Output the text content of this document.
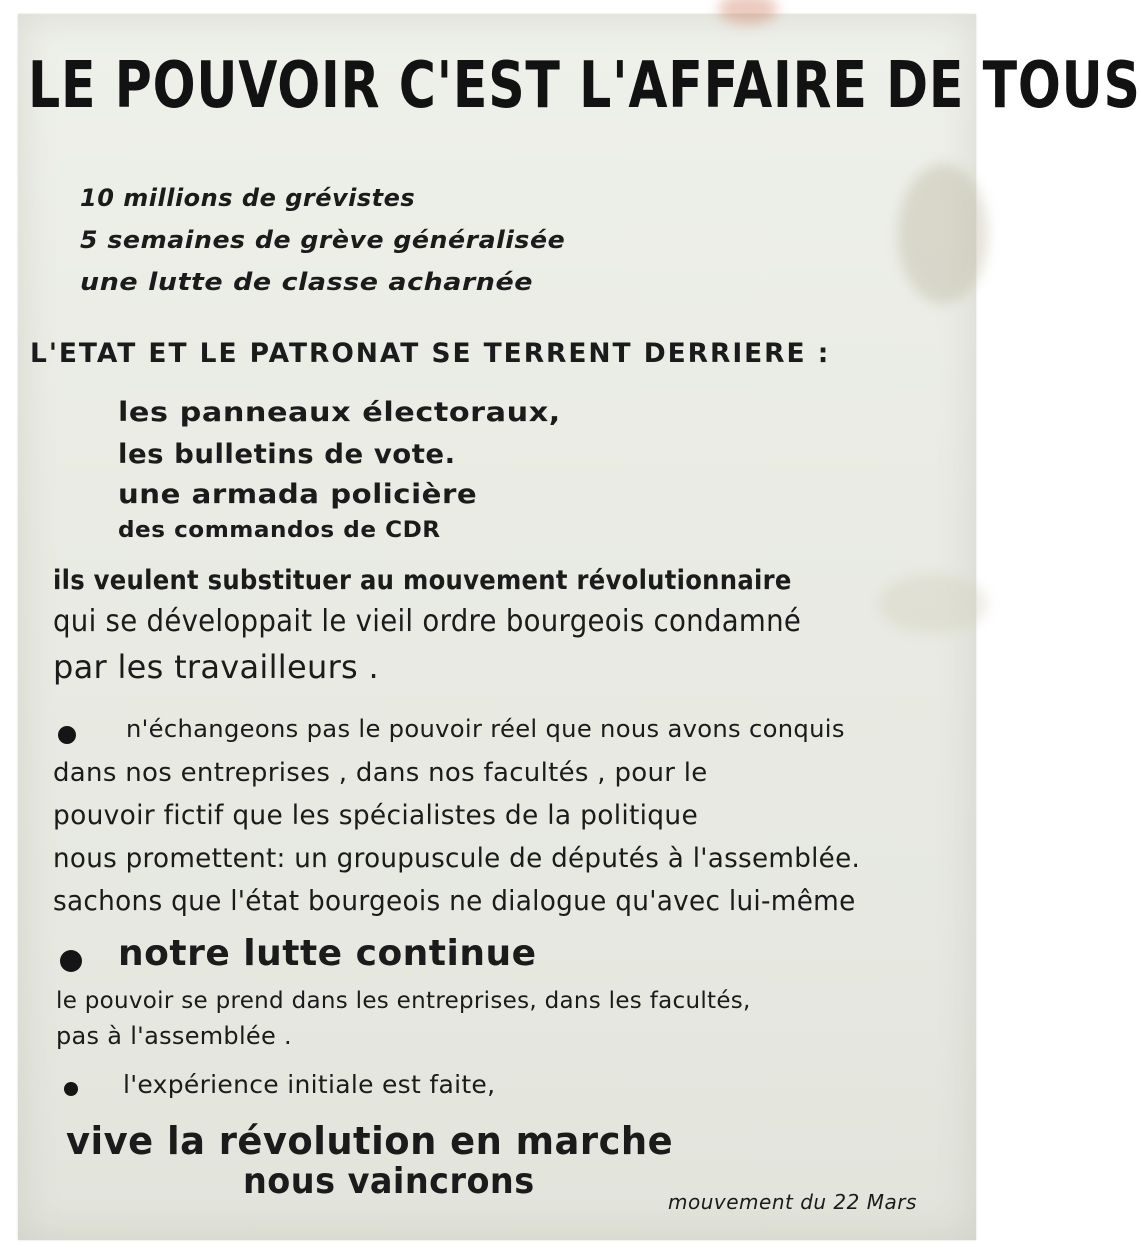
LE POUVOIR C'EST L'AFFAIRE DE TOUS
10 millions de grévistes
5 semaines de grève généralisée
une lutte de classe acharnée
L'ETAT ET LE PATRONAT SE TERRENT DERRIERE :
les panneaux électoraux,
les bulletins de vote.
une armada policière
des commandos de CDR
ils veulent substituer au mouvement révolutionnaire
qui se développait le vieil ordre bourgeois condamné
par les travailleurs .
n'échangeons pas le pouvoir réel que nous avons conquis
dans nos entreprises , dans nos facultés , pour le
pouvoir fictif que les spécialistes de la politique
nous promettent: un groupuscule de députés à l'assemblée.
sachons que l'état bourgeois ne dialogue qu'avec lui-même
notre lutte continue
le pouvoir se prend dans les entreprises, dans les facultés,
pas à l'assemblée .
l'expérience initiale est faite,
vive la révolution en marche
nous vaincrons	mouvement du 22 Mars
